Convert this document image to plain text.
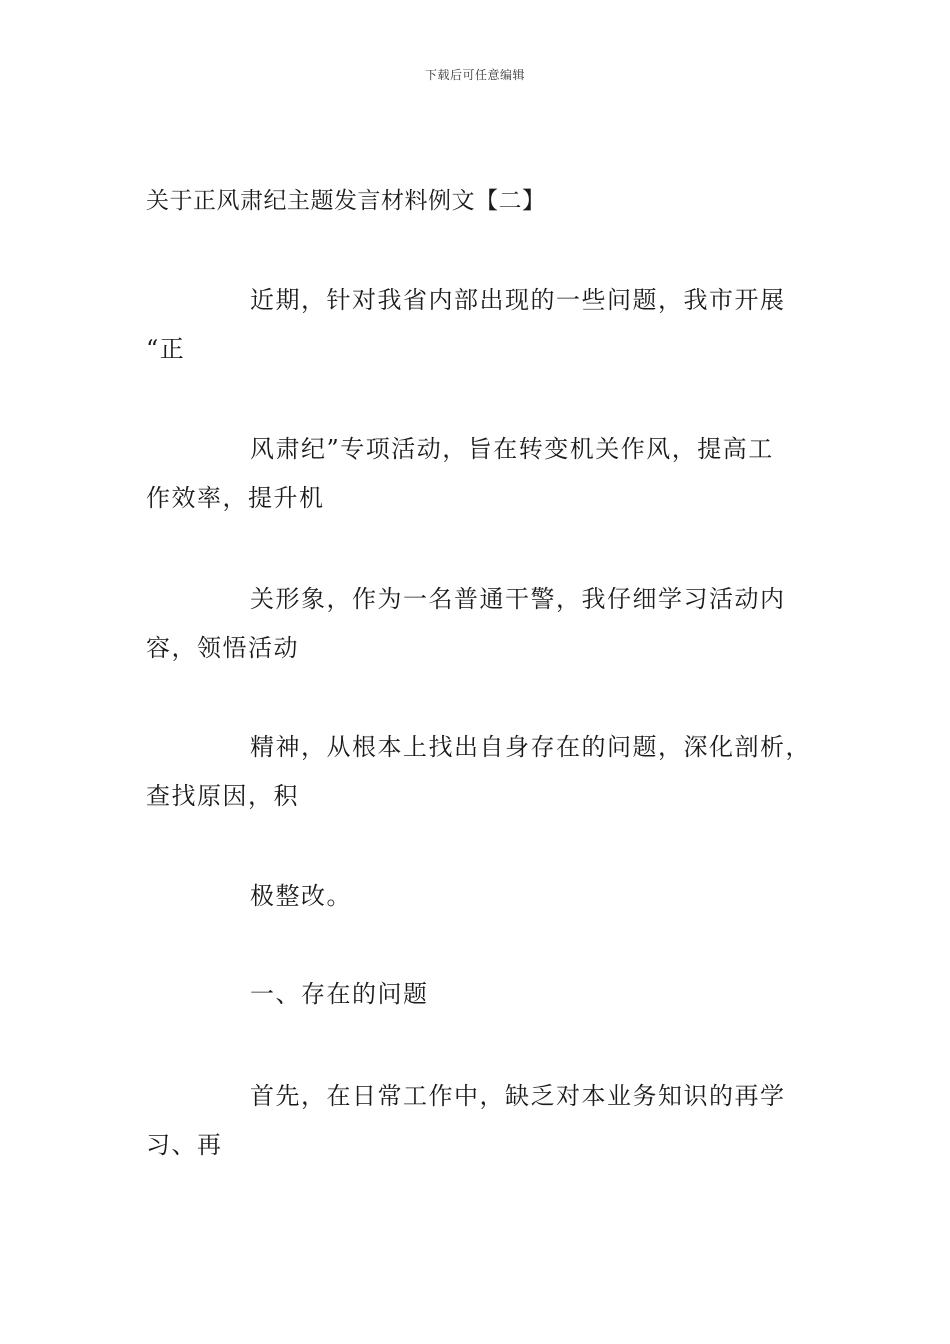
下载后可任意编辑
关于正风肃纪主题发言材料例文【二】
近期，针对我省内部出现的一些问题，我市开展
“正
风肃纪”专项活动，旨在转变机关作风，提高工
作效率，提升机
关形象，作为一名普通干警，我仔细学习活动内
容，领悟活动
精神，从根本上找出自身存在的问题，深化剖析，
查找原因，积
极整改。
一、存在的问题
首先，在日常工作中，缺乏对本业务知识的再学
习、再
